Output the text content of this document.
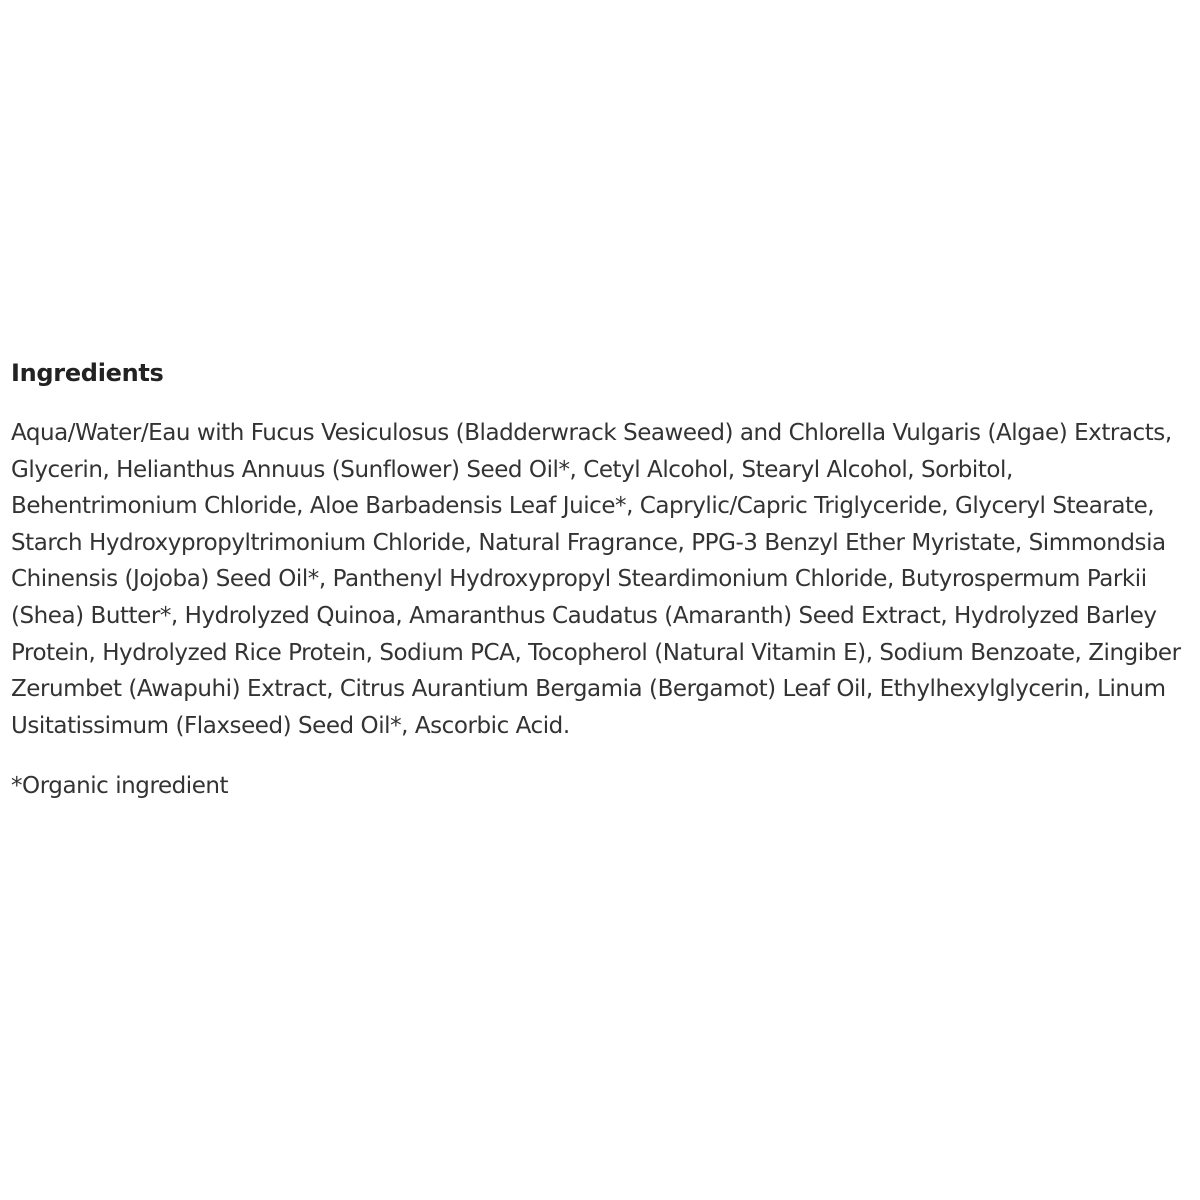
Ingredients

Aqua/Water/Eau with Fucus Vesiculosus (Bladderwrack Seaweed) and Chlorella Vulgaris (Algae) Extracts, Glycerin, Helianthus Annuus (Sunflower) Seed Oil*, Cetyl Alcohol, Stearyl Alcohol, Sorbitol, Behentrimonium Chloride, Aloe Barbadensis Leaf Juice*, Caprylic/Capric Triglyceride, Glyceryl Stearate, Starch Hydroxypropyltrimonium Chloride, Natural Fragrance, PPG-3 Benzyl Ether Myristate, Simmondsia Chinensis (Jojoba) Seed Oil*, Panthenyl Hydroxypropyl Steardimonium Chloride, Butyrospermum Parkii (Shea) Butter*, Hydrolyzed Quinoa, Amaranthus Caudatus (Amaranth) Seed Extract, Hydrolyzed Barley Protein, Hydrolyzed Rice Protein, Sodium PCA, Tocopherol (Natural Vitamin E), Sodium Benzoate, Zingiber Zerumbet (Awapuhi) Extract, Citrus Aurantium Bergamia (Bergamot) Leaf Oil, Ethylhexylglycerin, Linum Usitatissimum (Flaxseed) Seed Oil*, Ascorbic Acid.

*Organic ingredient
